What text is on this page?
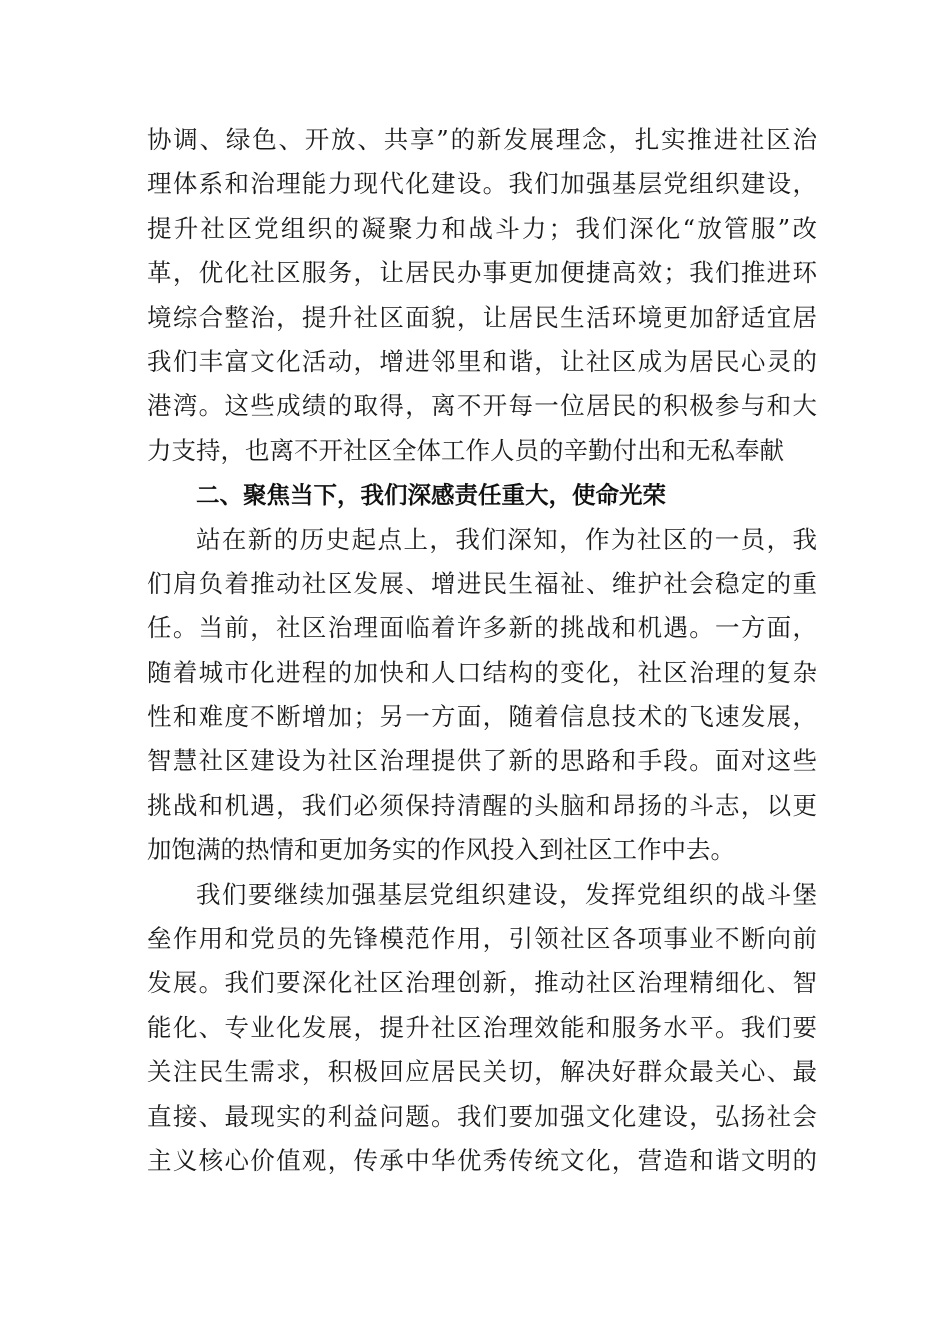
协调、绿色、开放、共享”的新发展理念，扎实推进社区治
理体系和治理能力现代化建设。我们加强基层党组织建设，
提升社区党组织的凝聚力和战斗力；我们深化“放管服”改
革，优化社区服务，让居民办事更加便捷高效；我们推进环
境综合整治，提升社区面貌，让居民生活环境更加舒适宜居
我们丰富文化活动，增进邻里和谐，让社区成为居民心灵的
港湾。这些成绩的取得，离不开每一位居民的积极参与和大
力支持，也离不开社区全体工作人员的辛勤付出和无私奉献
二、聚焦当下，我们深感责任重大，使命光荣
站在新的历史起点上，我们深知，作为社区的一员，我
们肩负着推动社区发展、增进民生福祉、维护社会稳定的重
任。当前，社区治理面临着许多新的挑战和机遇。一方面，
随着城市化进程的加快和人口结构的变化，社区治理的复杂
性和难度不断增加；另一方面，随着信息技术的飞速发展，
智慧社区建设为社区治理提供了新的思路和手段。面对这些
挑战和机遇，我们必须保持清醒的头脑和昂扬的斗志，以更
加饱满的热情和更加务实的作风投入到社区工作中去。
我们要继续加强基层党组织建设，发挥党组织的战斗堡
垒作用和党员的先锋模范作用，引领社区各项事业不断向前
发展。我们要深化社区治理创新，推动社区治理精细化、智
能化、专业化发展，提升社区治理效能和服务水平。我们要
关注民生需求，积极回应居民关切，解决好群众最关心、最
直接、最现实的利益问题。我们要加强文化建设，弘扬社会
主义核心价值观，传承中华优秀传统文化，营造和谐文明的
